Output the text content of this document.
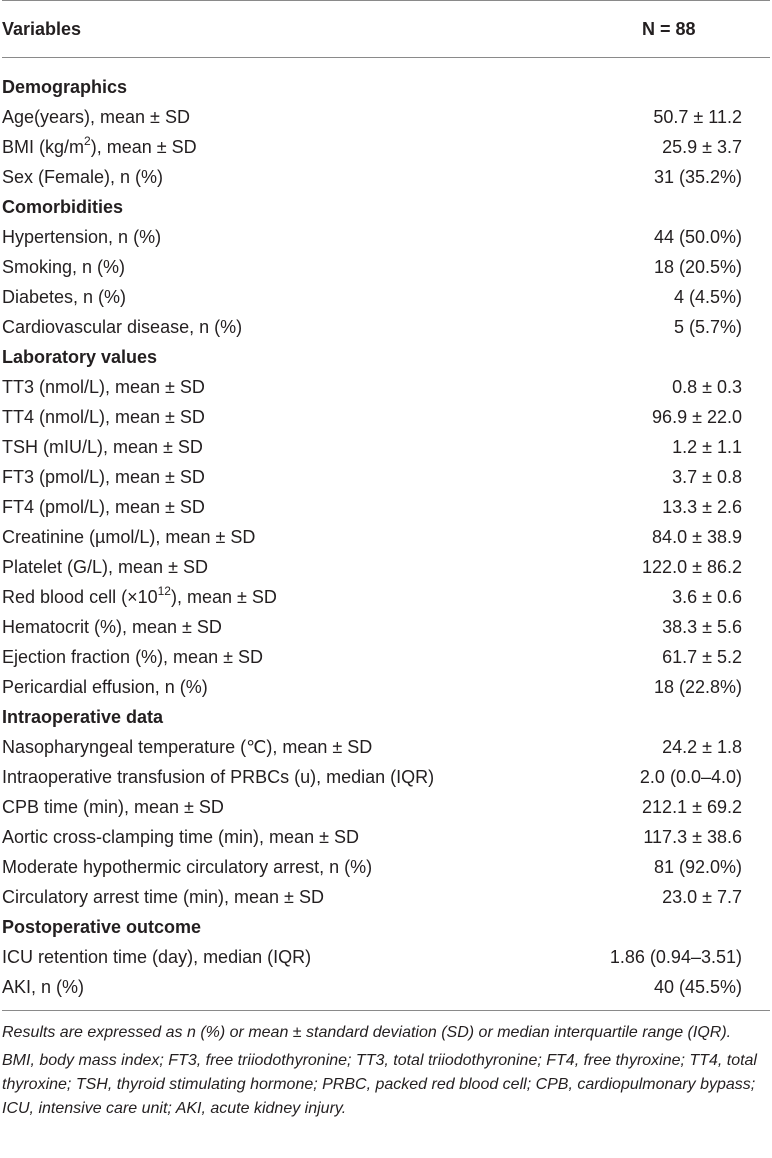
Variables	N = 88
Demographics	
Age(years), mean ± SD	50.7 ± 11.2
BMI $(kg/m^2)$, mean ± SD	25.9 ± 3.7
Sex (Female), n (%)	31 (35.2%)
Comorbidities	
Hypertension, n (%)	44 (50.0%)
Smoking, n (%)	18 (20.5%)
Diabetes, n (%)	4 (4.5%)
Cardiovascular disease, n (%)	5 (5.7%)
Laboratory values	
TT3 (nmol/L), mean ± SD	0.8 ± 0.3
TT4 (nmol/L), mean ± SD	96.9 ± 22.0
TSH (mIU/L), mean ± SD	1.2 ± 1.1
FT3 (pmol/L), mean ± SD	3.7 ± 0.8
FT4 (pmol/L), mean ± SD	13.3 ± 2.6
Creatinine (µmol/L), mean ± SD	84.0 ± 38.9
Platelet (G/L), mean ± SD	122.0 ± 86.2
Red blood cell $(\times 10^{12})$, mean ± SD	3.6 ± 0.6
Hematocrit (%), mean ± SD	38.3 ± 5.6
Ejection fraction (%), mean ± SD	61.7 ± 5.2
Pericardial effusion, n (%)	18 (22.8%)
Intraoperative data	
Nasopharyngeal temperature (℃), mean ± SD	24.2 ± 1.8
Intraoperative transfusion of PRBCs (u), median (IQR)	2.0 (0.0–4.0)
CPB time (min), mean ± SD	212.1 ± 69.2
Aortic cross-clamping time (min), mean ± SD	117.3 ± 38.6
Moderate hypothermic circulatory arrest, n (%)	81 (92.0%)
Circulatory arrest time (min), mean ± SD	23.0 ± 7.7
Postoperative outcome	
ICU retention time (day), median (IQR)	1.86 (0.94–3.51)
AKI, n (%)	40 (45.5%)

Results are expressed as n (%) or mean ± standard deviation (SD) or median interquartile range (IQR).

BMI, body mass index; FT3, free triiodothyronine; TT3, total triiodothyronine; FT4, free thyroxine; TT4, total thyroxine; TSH, thyroid stimulating hormone; PRBC, packed red blood cell; CPB, cardiopulmonary bypass; ICU, intensive care unit; AKI, acute kidney injury.
